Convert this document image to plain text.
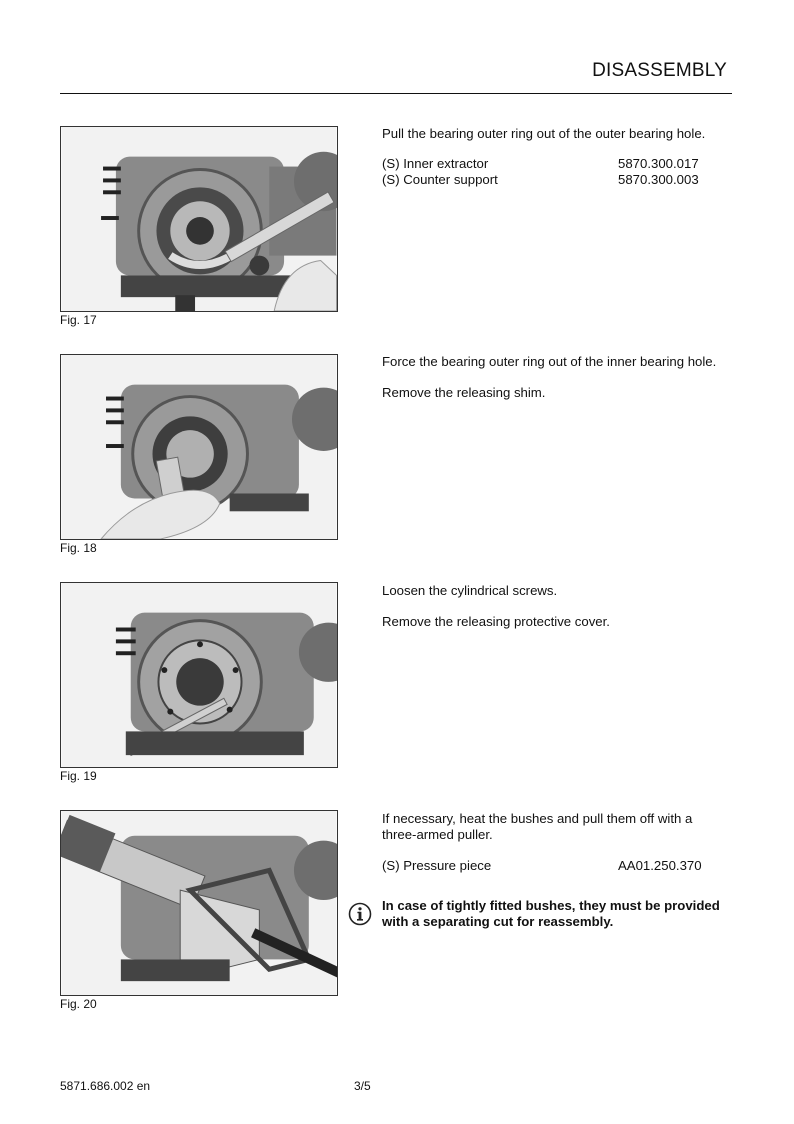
DISASSEMBLY
Fig. 17

Pull the bearing outer ring out of the outer bearing hole.

(S) Inner extractor	5870.300.017
(S) Counter support	5870.300.003
Fig. 18

Force the bearing outer ring out of the inner bearing hole.

Remove the releasing shim.

Fig. 19

Loosen the cylindrical screws.

Remove the releasing protective cover.

Fig. 20

If necessary, heat the bushes and pull them off with a

three-armed puller.

(S) Pressure piece	AA01.250.370

In case of tightly fitted bushes, they must be provided

with a separating cut for reassembly.

5871.686.002 en	3/5
